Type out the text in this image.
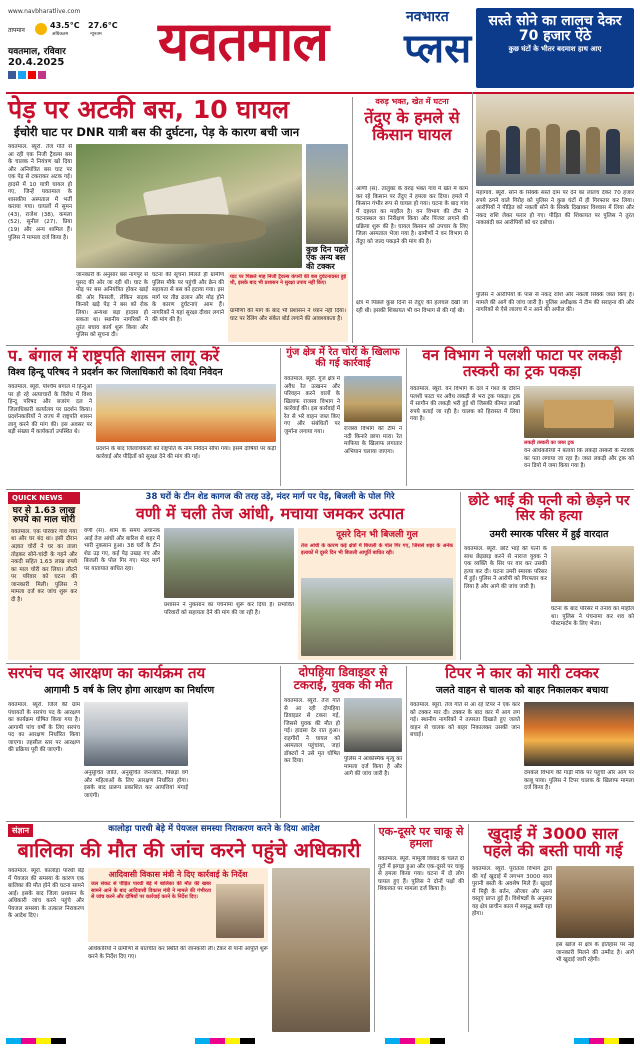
www.navbharatlive.com
तापमान
43.5°C
अधिकतम
27.6°C
न्यूनतम
यवतमाल, रविवार
20.4.2025 यवतमाल	नवभारत
प्लस
सस्ते सोने का लालच देकर 70 हजार ऐंठे
कुछ घंटों के भीतर बदमाश हाथ आए
पेड़ पर अटकी बस, 10 घायल
ईचोरी घाट पर DNR यात्री बस की दुर्घटना, पेड़ के कारण बची जान
यवतमाल. ब्यूरो. तेज गति से आ रही एक निजी ट्रैवल्स बस के चालक ने नियंत्रण खो दिया और अनियंत्रित बस घाट पर एक पेड़ से टकराकर अटक गई। हादसे में 10 यात्री घायल हो गए, जिन्हें यवतमाल के शासकीय अस्पताल में भर्ती कराया गया। घायलों में सुमन (43), राजेश (38), कमला (52), सुनील (27), प्रिया (19) और अन्य शामिल हैं। पुलिस ने मामला दर्ज किया है।
जानकारी के अनुसार बस नागपुर से पुसद की ओर जा रही थी। घाट के मोड़ पर बस अनियंत्रित होकर खाई की ओर फिसली, लेकिन सड़क किनारे खड़े पेड़ ने बस को रोक लिया। अन्यथा बड़ा हादसा हो सकता था। स्थानीय नागरिकों ने तुरंत बचाव कार्य शुरू किया और पुलिस को सूचना दी।
घटना की सूचना मिलते ही ग्रामीण पुलिस मौके पर पहुंची और क्रेन की सहायता से बस को हटाया गया। इस मार्ग पर तीव्र ढलान और मोड़ होने के कारण दुर्घटनाएं आम हैं। नागरिकों ने यहां सुरक्षा दीवार लगाने की मांग की है।
कुछ दिन पहले एक अन्य बस की टक्कर
घाट पर पिछले माह निजी ट्रैवल्स कंपनी की बस दुर्घटनाग्रस्त हुई थी, इसके बाद भी प्रशासन ने सुरक्षा उपाय नहीं किए।
ग्रामीणों की मांग के बाद भी प्रशासन ने ध्यान नहीं दिया। घाट पर रेलिंग और संकेत बोर्ड लगाने की आवश्यकता है।
वरुड़ भक्त, खेत में घटना
तेंदुए के हमले से किसान घायल
आर्णी (सं). तालुका के वरुड़ भक्त गांव में खेत में काम कर रहे किसान पर तेंदुए ने हमला कर दिया। हमले में किसान गंभीर रूप से घायल हो गया। घटना के बाद गांव में दहशत का माहौल है। वन विभाग की टीम ने घटनास्थल का निरीक्षण किया और पिंजरा लगाने की प्रक्रिया शुरू की है। घायल किसान को उपचार के लिए जिला अस्पताल भेजा गया है। ग्रामीणों ने वन विभाग से तेंदुए को जल्द पकड़ने की मांग की है।
क्षेत्र में पिछले कुछ दिनों से तेंदुए की हलचल देखी जा रही थी। इसकी शिकायत भी वन विभाग से की गई थी।
महागांव. ब्यूरो. सोने के सिक्के सस्ते दाम पर देने का लालच देकर 70 हजार रुपये ठगने वाले गिरोह को पुलिस ने कुछ घंटों में ही गिरफ्तार कर लिया। आरोपियों ने पीड़ित को नकली सोने के सिक्के दिखाकर विश्वास में लिया और नकद राशि लेकर फरार हो गए। पीड़ित की शिकायत पर पुलिस ने तुरंत नाकाबंदी कर आरोपियों को धर दबोचा।
पुलिस ने आरोपियों के पास से नकद राशि और नकली सिक्के जब्त किए हैं। मामले की आगे की जांच जारी है। पुलिस अधीक्षक ने टीम की सराहना की और नागरिकों से ऐसे लालच में न आने की अपील की।
प. बंगाल में राष्ट्रपति शासन लागू करें
विश्व हिन्दू परिषद ने प्रदर्शन कर जिलाधिकारी को दिया निवेदन
यवतमाल. ब्यूरो. पश्चिम बंगाल में हिन्दुओं पर हो रहे अत्याचारों के विरोध में विश्व हिन्दू परिषद और बजरंग दल ने जिलाधिकारी कार्यालय पर प्रदर्शन किया। प्रदर्शनकारियों ने राज्य में राष्ट्रपति शासन लागू करने की मांग की। इस अवसर पर बड़ी संख्या में कार्यकर्ता उपस्थित थे।
प्रदर्शन के बाद जिलाधिकारी को राष्ट्रपति के नाम निवेदन सौंपा गया। इसमें दोषियों पर कड़ी कार्रवाई और पीड़ितों को सुरक्षा देने की मांग की गई।
गुंज क्षेत्र में रेत चोरों के खिलाफ की गई कार्रवाई
यवतमाल. ब्यूरो. गुंज क्षेत्र में अवैध रेत उत्खनन और परिवहन करने वालों के खिलाफ राजस्व विभाग ने कार्रवाई की। इस कार्रवाई में रेत से भरे वाहन जब्त किए गए और संबंधितों पर जुर्माना लगाया गया।	राजस्व विभाग की टीम ने नदी किनारे छापा मारा। रेत माफिया के खिलाफ लगातार अभियान चलाया जाएगा।
वन विभाग ने पलशी फाटा पर लकड़ी तस्करी का ट्रक पकड़ा
यवतमाल. ब्यूरो. वन विभाग के दल ने गश्त के दौरान पलशी फाटा पर अवैध लकड़ी से भरा ट्रक पकड़ा। ट्रक में सागौन की लकड़ी भरी हुई थी जिसकी कीमत लाखों रुपये बताई जा रही है। चालक को हिरासत में लिया गया है।
लकड़ी तस्करी का जब्त ट्रक
वन अधिकारियों ने बताया कि लकड़ी तस्करी के नेटवर्क का पता लगाया जा रहा है। जब्त लकड़ी और ट्रक को वन डिपो में जमा किया गया है।
QUICK NEWS
घर से 1.63 लाख रुपये का माल चोरी
यवतमाल. एक परिवार गांव गया था और घर बंद था। इसी दौरान अज्ञात चोरों ने घर का ताला तोड़कर सोने-चांदी के गहने और नकदी सहित 1.63 लाख रुपये का माल चोरी कर लिया। लौटने पर परिवार को घटना की जानकारी मिली। पुलिस ने मामला दर्ज कर जांच शुरू कर दी है।
38 घरों के टीन शेड कागज की तरह उड़े, मंदर मार्ग पर पेड़, बिजली के पोल गिरे
वणी में चली तेज आंधी, मचाया जमकर उत्पात
वणी (सं). शाम के समय अचानक आई तेज आंधी और बारिश से शहर में भारी नुकसान हुआ। 38 घरों के टीन शेड उड़ गए, कई पेड़ उखड़ गए और बिजली के पोल गिर गए। मंदर मार्ग पर यातायात बाधित रहा।
प्रशासन ने नुकसान का पंचनामा शुरू कर दिया है। प्रभावित परिवारों को सहायता देने की मांग की जा रही है।
दूसरे दिन भी बिजली गुल
तेज आंधी के कारण कई क्षेत्रों में बिजली के पोल गिर गए, जिससे शहर के अनेक इलाकों में दूसरे दिन भी बिजली आपूर्ति बाधित रही।
छोटे भाई की पत्नी को छेड़ने पर सिर की हत्या
उमरी स्मारक परिसर में हुई वारदात
यवतमाल. ब्यूरो. छोटे भाई की पत्नी के साथ छेड़छाड़ करने से नाराज युवक ने एक व्यक्ति के सिर पर वार कर उसकी हत्या कर दी। घटना उमरी स्मारक परिसर में हुई। पुलिस ने आरोपी को गिरफ्तार कर लिया है और आगे की जांच जारी है।
घटना के बाद परिसर में तनाव का माहौल था। पुलिस ने पंचनामा कर शव को पोस्टमार्टम के लिए भेजा।
सरपंच पद आरक्षण का कार्यक्रम तय
आगामी 5 वर्ष के लिए होगा आरक्षण का निर्धारण
यवतमाल. ब्यूरो. जिले की ग्राम पंचायतों के सरपंच पद के आरक्षण का कार्यक्रम घोषित किया गया है। आगामी पांच वर्षों के लिए सरपंच पद का आरक्षण निर्धारित किया जाएगा। तहसील स्तर पर आरक्षण की प्रक्रिया पूरी की जाएगी।
अनुसूचित जाति, अनुसूचित जनजाति, पिछड़ा वर्ग और महिलाओं के लिए आरक्षण निर्धारित होगा। इसके बाद प्रारूप प्रकाशित कर आपत्तियां मंगाई जाएंगी।
दोपहिया डिवाइडर से टकराई, युवक की मौत
यवतमाल. ब्यूरो. तेज गति से आ रही दोपहिया डिवाइडर से टकरा गई, जिससे युवक की मौत हो गई। हादसा देर रात हुआ। राहगीरों ने घायल को अस्पताल पहुंचाया, जहां डॉक्टरों ने उसे मृत घोषित कर दिया।	पुलिस ने आकस्मिक मृत्यु का मामला दर्ज किया है और आगे की जांच जारी है।
टिपर ने कार को मारी टक्कर
जलते वाहन से चालक को बाहर निकालकर बचाया
यवतमाल. ब्यूरो. तेज गति से आ रहे टिपर ने एक कार को टक्कर मार दी। टक्कर के बाद कार में आग लग गई। स्थानीय नागरिकों ने तत्परता दिखाते हुए जलते वाहन से चालक को बाहर निकालकर उसकी जान बचाई।
दमकल विभाग की गाड़ी मौके पर पहुंची और आग पर काबू पाया। पुलिस ने टिपर चालक के खिलाफ मामला दर्ज किया है।
संज्ञान	कालोड़ा पारधी बेड़े में पेयजल समस्या निराकरण करने के दिया आदेश
बालिका की मौत की जांच करने पहुंचे अधिकारी
यवतमाल. ब्यूरो. कालोड़ा पारधी बेड़े में पेयजल की समस्या के कारण एक बालिका की मौत होने की घटना सामने आई। इसके बाद जिला प्रशासन के अधिकारी जांच करने पहुंचे और पेयजल समस्या के तत्काल निराकरण के आदेश दिए।
आदिवासी विकास मंत्री ने दिए कार्रवाई के निर्देश
जल संकट से पीड़ित पारधी बेड़े में बालिका की मौत की खबर सामने आने के बाद आदिवासी विकास मंत्री ने मामले की गंभीरता से जांच करने और दोषियों पर कार्रवाई करने के निर्देश दिए।
अधिकारियों ने ग्रामीणों से बातचीत कर स्थिति की जानकारी ली। टैंकर से पानी आपूर्ति शुरू करने के निर्देश दिए गए।
एक-दूसरे पर चाकू से हमला
यवतमाल. ब्यूरो. मामूली विवाद के चलते दो गुटों में झगड़ा हुआ और एक-दूसरे पर चाकू से हमला किया गया। घटना में दो लोग घायल हुए हैं। पुलिस ने दोनों पक्षों की शिकायत पर मामला दर्ज किया है।
खुदाई में 3000 साल पहले की बस्ती पायी गई
यवतमाल. ब्यूरो. पुरातत्व विभाग द्वारा की गई खुदाई में लगभग 3000 साल पुरानी बस्ती के अवशेष मिले हैं। खुदाई में मिट्टी के बर्तन, औजार और अन्य वस्तुएं प्राप्त हुई हैं। विशेषज्ञों के अनुसार यह क्षेत्र प्राचीन काल में समृद्ध बस्ती रहा होगा।
इस खोज से क्षेत्र के इतिहास पर नई जानकारी मिलने की उम्मीद है। आगे भी खुदाई जारी रहेगी।
